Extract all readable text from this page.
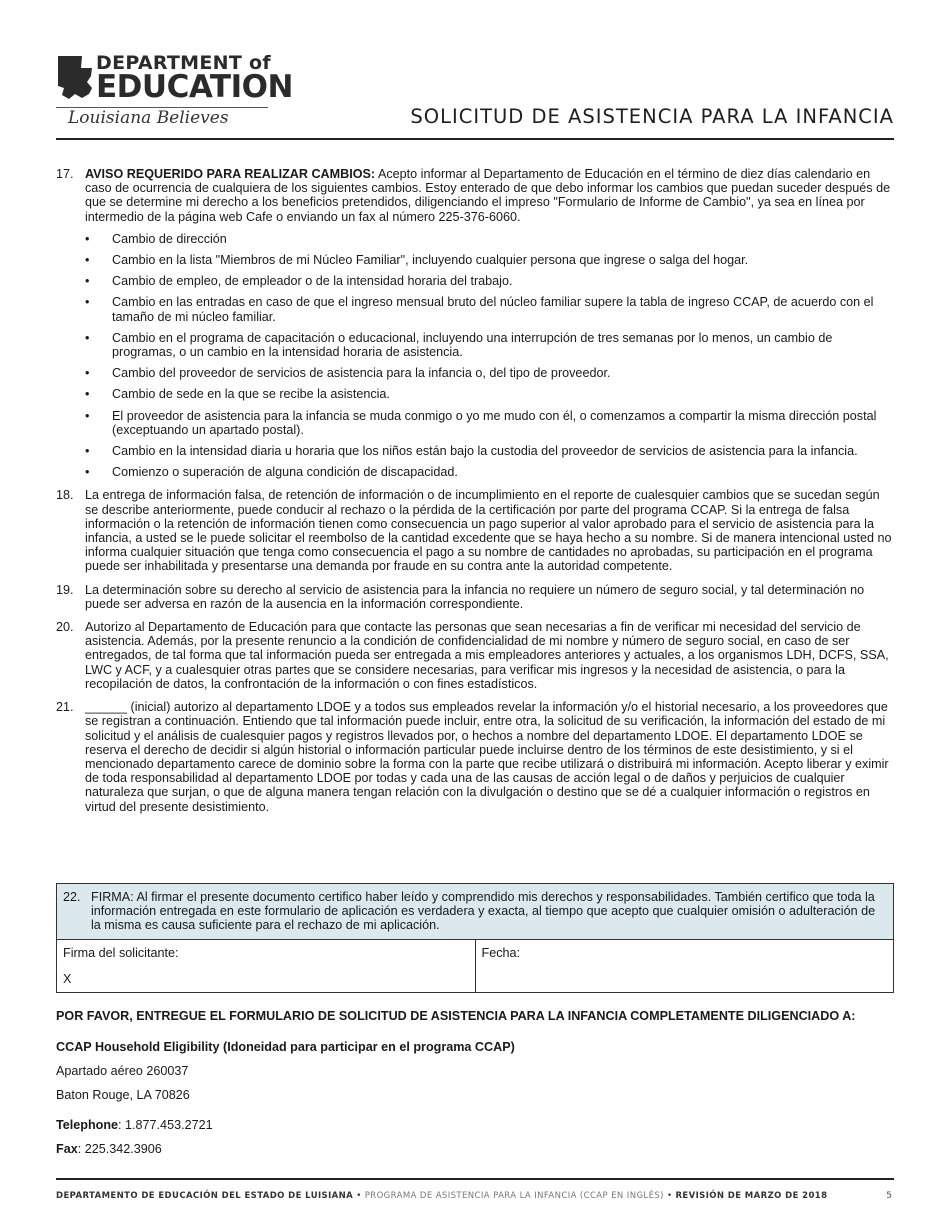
DEPARTMENT of
EDUCATION
Louisiana Believes	SOLICITUD DE ASISTENCIA PARA LA INFANCIA
17. AVISO REQUERIDO PARA REALIZAR CAMBIOS: Acepto informar al Departamento de Educación en el término de diez días calendario en caso de ocurrencia de cualquiera de los siguientes cambios. Estoy enterado de que debo informar los cambios que puedan suceder después de que se determine mi derecho a los beneficios pretendidos, diligenciando el impreso "Formulario de Informe de Cambio", ya sea en línea por intermedio de la página web Cafe o enviando un fax al número 225-376-6060.
• Cambio de dirección
• Cambio en la lista "Miembros de mi Núcleo Familiar", incluyendo cualquier persona que ingrese o salga del hogar.
• Cambio de empleo, de empleador o de la intensidad horaria del trabajo.
• Cambio en las entradas en caso de que el ingreso mensual bruto del núcleo familiar supere la tabla de ingreso CCAP, de acuerdo con el tamaño de mi núcleo familiar.
• Cambio en el programa de capacitación o educacional, incluyendo una interrupción de tres semanas por lo menos, un cambio de programas, o un cambio en la intensidad horaria de asistencia.
• Cambio del proveedor de servicios de asistencia para la infancia o, del tipo de proveedor.
• Cambio de sede en la que se recibe la asistencia.
• El proveedor de asistencia para la infancia se muda conmigo o yo me mudo con él, o comenzamos a compartir la misma dirección postal (exceptuando un apartado postal).
• Cambio en la intensidad diaria u horaria que los niños están bajo la custodia del proveedor de servicios de asistencia para la infancia.
• Comienzo o superación de alguna condición de discapacidad.
18. La entrega de información falsa, de retención de información o de incumplimiento en el reporte de cualesquier cambios que se sucedan según se describe anteriormente, puede conducir al rechazo o la pérdida de la certificación por parte del programa CCAP. Si la entrega de falsa información o la retención de información tienen como consecuencia un pago superior al valor aprobado para el servicio de asistencia para la infancia, a usted se le puede solicitar el reembolso de la cantidad excedente que se haya hecho a su nombre. Si de manera intencional usted no informa cualquier situación que tenga como consecuencia el pago a su nombre de cantidades no aprobadas, su participación en el programa puede ser inhabilitada y presentarse una demanda por fraude en su contra ante la autoridad competente.
19. La determinación sobre su derecho al servicio de asistencia para la infancia no requiere un número de seguro social, y tal determinación no puede ser adversa en razón de la ausencia en la información correspondiente.
20. Autorizo al Departamento de Educación para que contacte las personas que sean necesarias a fin de verificar mi necesidad del servicio de asistencia. Además, por la presente renuncio a la condición de confidencialidad de mi nombre y número de seguro social, en caso de ser entregados, de tal forma que tal información pueda ser entregada a mis empleadores anteriores y actuales, a los organismos LDH, DCFS, SSA, LWC y ACF, y a cualesquier otras partes que se considere necesarias, para verificar mis ingresos y la necesidad de asistencia, o para la recopilación de datos, la confrontación de la información o con fines estadísticos.
21. ______ (inicial) autorizo al departamento LDOE y a todos sus empleados revelar la información y/o el historial necesario, a los proveedores que se registran a continuación. Entiendo que tal información puede incluir, entre otra, la solicitud de su verificación, la información del estado de mi solicitud y el análisis de cualesquier pagos y registros llevados por, o hechos a nombre del departamento LDOE. El departamento LDOE se reserva el derecho de decidir si algún historial o información particular puede incluirse dentro de los términos de este desistimiento, y si el mencionado departamento carece de dominio sobre la forma con la parte que recibe utilizará o distribuirá mi información. Acepto liberar y eximir de toda responsabilidad al departamento LDOE por todas y cada una de las causas de acción legal o de daños y perjuicios de cualquier naturaleza que surjan, o que de alguna manera tengan relación con la divulgación o destino que se dé a cualquier información o registros en virtud del presente desistimiento.
22. FIRMA: Al firmar el presente documento certifico haber leído y comprendido mis derechos y responsabilidades. También certifico que toda la información entregada en este formulario de aplicación es verdadera y exacta, al tiempo que acepto que cualquier omisión o adulteración de la misma es causa suficiente para el rechazo de mi aplicación.
Firma del solicitante:
X
Fecha:
POR FAVOR, ENTREGUE EL FORMULARIO DE SOLICITUD DE ASISTENCIA PARA LA INFANCIA COMPLETAMENTE DILIGENCIADO A:
CCAP Household Eligibility (Idoneidad para participar en el programa CCAP)
Apartado aéreo 260037
Baton Rouge, LA 70826
Telephone: 1.877.453.2721
Fax: 225.342.3906
DEPARTAMENTO DE EDUCACIÓN DEL ESTADO DE LUISIANA • PROGRAMA DE ASISTENCIA PARA LA INFANCIA (CCAP EN INGLÉS) • REVISIÓN DE MARZO DE 2018	5
